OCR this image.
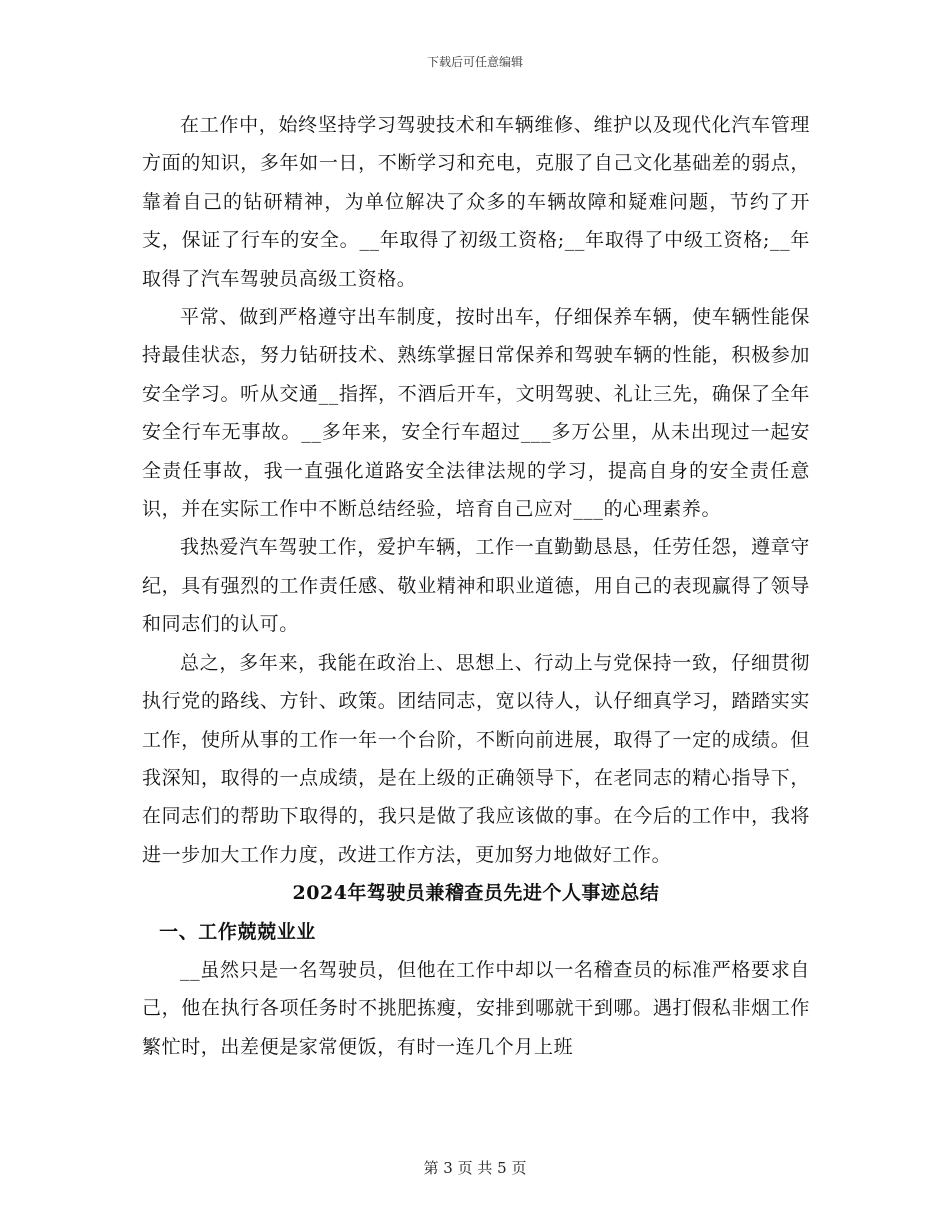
下载后可任意编辑

在工作中，始终坚持学习驾驶技术和车辆维修、维护以及现代化汽车管理方面的知识，多年如一日，不断学习和充电，克服了自己文化基础差的弱点，靠着自己的钻研精神，为单位解决了众多的车辆故障和疑难问题，节约了开支，保证了行车的安全。__年取得了初级工资格;__年取得了中级工资格;__年取得了汽车驾驶员高级工资格。

平常、做到严格遵守出车制度，按时出车，仔细保养车辆，使车辆性能保持最佳状态，努力钻研技术、熟练掌握日常保养和驾驶车辆的性能，积极参加安全学习。听从交通__指挥，不酒后开车，文明驾驶、礼让三先，确保了全年安全行车无事故。__多年来，安全行车超过___多万公里，从未出现过一起安全责任事故，我一直强化道路安全法律法规的学习，提高自身的安全责任意识，并在实际工作中不断总结经验，培育自己应对___的心理素养。

我热爱汽车驾驶工作，爱护车辆，工作一直勤勤恳恳，任劳任怨，遵章守纪，具有强烈的工作责任感、敬业精神和职业道德，用自己的表现赢得了领导和同志们的认可。

总之，多年来，我能在政治上、思想上、行动上与党保持一致，仔细贯彻执行党的路线、方针、政策。团结同志，宽以待人，认仔细真学习，踏踏实实工作，使所从事的工作一年一个台阶，不断向前进展，取得了一定的成绩。但我深知，取得的一点成绩，是在上级的正确领导下，在老同志的精心指导下，在同志们的帮助下取得的，我只是做了我应该做的事。在今后的工作中，我将进一步加大工作力度，改进工作方法，更加努力地做好工作。

2024年驾驶员兼稽查员先进个人事迹总结
一、工作兢兢业业

__虽然只是一名驾驶员，但他在工作中却以一名稽查员的标准严格要求自己，他在执行各项任务时不挑肥拣瘦，安排到哪就干到哪。遇打假私非烟工作繁忙时，出差便是家常便饭，有时一连几个月上班

第 3 页 共 5 页
